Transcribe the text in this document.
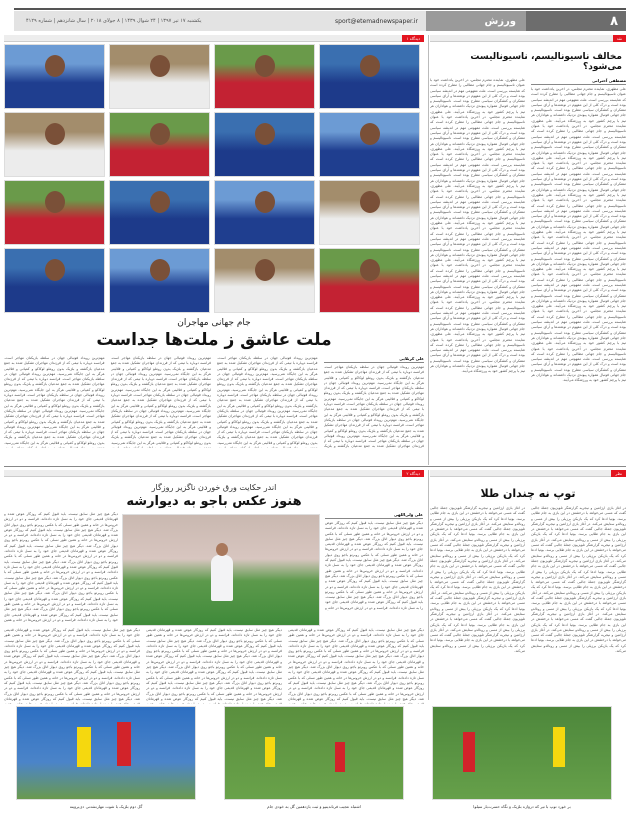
یکشنبه ۱۷ تیر ۱۳۹۷ | ۲۴ شوال ۱۴۳۹ | ۸ جولای ۲۰۱۸ | سال شانزدهم | شماره ۴۱۲۹	sport@etemadnewspaper.ir	ورزش	۸
نقد
مخالف ناسیونالیسم، ناسیونالیست می‌شود؟
مصطفی آخترانی
علی مطهری، نماینده محترم مجلس، در آخرین یادداشت خود با عنوان ناسیونالیسم و جام جهانی مطالبی را مطرح کرده است که شایسته بررسی است. ملت مفهومی مهم در اندیشه سیاسی بوده است و درک کلی از این مفهوم در نوشته‌ها و آرای سیاسی متفکران و کنشگران سیاسی مطرح بوده است. ناسیونالیسم و جام جهانی فوتبال همواره پیوندی نزدیک داشته‌اند و هواداران هر تیم با پرچم کشور خود به ورزشگاه می‌آیند. علی مطهری، نماینده محترم مجلس، در آخرین یادداشت خود با عنوان ناسیونالیسم و جام جهانی مطالبی را مطرح کرده است که شایسته بررسی است. ملت مفهومی مهم در اندیشه سیاسی بوده است و درک کلی از این مفهوم در نوشته‌ها و آرای سیاسی متفکران و کنشگران سیاسی مطرح بوده است. ناسیونالیسم و جام جهانی فوتبال همواره پیوندی نزدیک داشته‌اند و هواداران هر تیم با پرچم کشور خود به ورزشگاه می‌آیند. علی مطهری، نماینده محترم مجلس، در آخرین یادداشت خود با عنوان ناسیونالیسم و جام جهانی مطالبی را مطرح کرده است که شایسته بررسی است. ملت مفهومی مهم در اندیشه سیاسی بوده است و درک کلی از این مفهوم در نوشته‌ها و آرای سیاسی متفکران و کنشگران سیاسی مطرح بوده است. ناسیونالیسم و جام جهانی فوتبال همواره پیوندی نزدیک داشته‌اند و هواداران هر تیم با پرچم کشور خود به ورزشگاه می‌آیند. علی مطهری، نماینده محترم مجلس، در آخرین یادداشت خود با عنوان ناسیونالیسم و جام جهانی مطالبی را مطرح کرده است که شایسته بررسی است. ملت مفهومی مهم در اندیشه سیاسی بوده است و درک کلی از این مفهوم در نوشته‌ها و آرای سیاسی متفکران و کنشگران سیاسی مطرح بوده است. ناسیونالیسم و جام جهانی فوتبال همواره پیوندی نزدیک داشته‌اند و هواداران هر تیم با پرچم کشور خود به ورزشگاه می‌آیند. علی مطهری، نماینده محترم مجلس، در آخرین یادداشت خود با عنوان ناسیونالیسم و جام جهانی مطالبی را مطرح کرده است که شایسته بررسی است. ملت مفهومی مهم در اندیشه سیاسی بوده است و درک کلی از این مفهوم در نوشته‌ها و آرای سیاسی متفکران و کنشگران سیاسی مطرح بوده است. ناسیونالیسم و جام جهانی فوتبال همواره پیوندی نزدیک داشته‌اند و هواداران هر تیم با پرچم کشور خود به ورزشگاه می‌آیند. علی مطهری، نماینده محترم مجلس، در آخرین یادداشت خود با عنوان ناسیونالیسم و جام جهانی مطالبی را مطرح کرده است که شایسته بررسی است. ملت مفهومی مهم در اندیشه سیاسی بوده است و درک کلی از این مفهوم در نوشته‌ها و آرای سیاسی متفکران و کنشگران سیاسی مطرح بوده است. ناسیونالیسم و جام جهانی فوتبال همواره پیوندی نزدیک داشته‌اند و هواداران هر تیم با پرچم کشور خود به ورزشگاه می‌آیند. علی مطهری، نماینده محترم مجلس، در آخرین یادداشت خود با عنوان ناسیونالیسم و جام جهانی مطالبی را مطرح کرده است که شایسته بررسی است. ملت مفهومی مهم در اندیشه سیاسی بوده است و درک کلی از این مفهوم در نوشته‌ها و آرای سیاسی متفکران و کنشگران سیاسی مطرح بوده است. ناسیونالیسم و جام جهانی فوتبال همواره پیوندی نزدیک داشته‌اند و هواداران هر تیم با پرچم کشور خود به ورزشگاه می‌آیند. علی مطهری، نماینده محترم مجلس، در آخرین یادداشت خود با عنوان ناسیونالیسم و جام جهانی مطالبی را مطرح کرده است که شایسته بررسی است. ملت مفهومی مهم در اندیشه سیاسی بوده است و درک کلی از این مفهوم در نوشته‌ها و آرای سیاسی متفکران و کنشگران سیاسی مطرح بوده است. ناسیونالیسم و جام جهانی فوتبال همواره پیوندی نزدیک داشته‌اند و هواداران هر تیم با پرچم کشور خود به ورزشگاه می‌آیند.
علی مطهری، نماینده محترم مجلس، در آخرین یادداشت خود با عنوان ناسیونالیسم و جام جهانی مطالبی را مطرح کرده است که شایسته بررسی است. ملت مفهومی مهم در اندیشه سیاسی بوده است و درک کلی از این مفهوم در نوشته‌ها و آرای سیاسی متفکران و کنشگران سیاسی مطرح بوده است. ناسیونالیسم و جام جهانی فوتبال همواره پیوندی نزدیک داشته‌اند و هواداران هر تیم با پرچم کشور خود به ورزشگاه می‌آیند. علی مطهری، نماینده محترم مجلس، در آخرین یادداشت خود با عنوان ناسیونالیسم و جام جهانی مطالبی را مطرح کرده است که شایسته بررسی است. ملت مفهومی مهم در اندیشه سیاسی بوده است و درک کلی از این مفهوم در نوشته‌ها و آرای سیاسی متفکران و کنشگران سیاسی مطرح بوده است. ناسیونالیسم و جام جهانی فوتبال همواره پیوندی نزدیک داشته‌اند و هواداران هر تیم با پرچم کشور خود به ورزشگاه می‌آیند. علی مطهری، نماینده محترم مجلس، در آخرین یادداشت خود با عنوان ناسیونالیسم و جام جهانی مطالبی را مطرح کرده است که شایسته بررسی است. ملت مفهومی مهم در اندیشه سیاسی بوده است و درک کلی از این مفهوم در نوشته‌ها و آرای سیاسی متفکران و کنشگران سیاسی مطرح بوده است. ناسیونالیسم و جام جهانی فوتبال همواره پیوندی نزدیک داشته‌اند و هواداران هر تیم با پرچم کشور خود به ورزشگاه می‌آیند. علی مطهری، نماینده محترم مجلس، در آخرین یادداشت خود با عنوان ناسیونالیسم و جام جهانی مطالبی را مطرح کرده است که شایسته بررسی است. ملت مفهومی مهم در اندیشه سیاسی بوده است و درک کلی از این مفهوم در نوشته‌ها و آرای سیاسی متفکران و کنشگران سیاسی مطرح بوده است. ناسیونالیسم و جام جهانی فوتبال همواره پیوندی نزدیک داشته‌اند و هواداران هر تیم با پرچم کشور خود به ورزشگاه می‌آیند. علی مطهری، نماینده محترم مجلس، در آخرین یادداشت خود با عنوان ناسیونالیسم و جام جهانی مطالبی را مطرح کرده است که شایسته بررسی است. ملت مفهومی مهم در اندیشه سیاسی بوده است و درک کلی از این مفهوم در نوشته‌ها و آرای سیاسی متفکران و کنشگران سیاسی مطرح بوده است. ناسیونالیسم و جام جهانی فوتبال همواره پیوندی نزدیک داشته‌اند و هواداران هر تیم با پرچم کشور خود به ورزشگاه می‌آیند. علی مطهری، نماینده محترم مجلس، در آخرین یادداشت خود با عنوان ناسیونالیسم و جام جهانی مطالبی را مطرح کرده است که شایسته بررسی است. ملت مفهومی مهم در اندیشه سیاسی بوده است و درک کلی از این مفهوم در نوشته‌ها و آرای سیاسی متفکران و کنشگران سیاسی مطرح بوده است. ناسیونالیسم و جام جهانی فوتبال همواره پیوندی نزدیک داشته‌اند و هواداران هر تیم با پرچم کشور خود به ورزشگاه می‌آیند. علی مطهری، نماینده محترم مجلس، در آخرین یادداشت خود با عنوان ناسیونالیسم و جام جهانی مطالبی را مطرح کرده است که شایسته بررسی است. ملت مفهومی مهم در اندیشه سیاسی بوده است و درک کلی از این مفهوم در نوشته‌ها و آرای سیاسی متفکران و کنشگران سیاسی مطرح بوده است. ناسیونالیسم و جام جهانی فوتبال همواره پیوندی نزدیک داشته‌اند و هواداران هر تیم با پرچم کشور خود به ورزشگاه می‌آیند. علی مطهری، نماینده محترم مجلس، در آخرین یادداشت خود با عنوان ناسیونالیسم و جام جهانی مطالبی را مطرح کرده است که شایسته بررسی است. ملت مفهومی مهم در اندیشه سیاسی بوده است و درک کلی از این مفهوم در نوشته‌ها و آرای سیاسی متفکران و کنشگران سیاسی مطرح بوده است. ناسیونالیسم و جام جهانی فوتبال همواره پیوندی نزدیک داشته‌اند و هواداران هر تیم با پرچم کشور خود به ورزشگاه می‌آیند.
دیدگاه ۱
جام جهانی مهاجران
ملت عاشق ز ملت‌ها جداست
علی کربلایی
مهم‌ترین رویداد فوتبالی جهان در سلطه بازیکنان مهاجر است. فرانسه دوباره با تیمی که از فرزندان مهاجران تشکیل شده به جمع مدعیان بازگشته و بلژیک بدون روملو لوکاکو و کمپانی و فلائینی هرگز به این جایگاه نمی‌رسید. مهم‌ترین رویداد فوتبالی جهان در سلطه بازیکنان مهاجر است. فرانسه دوباره با تیمی که از فرزندان مهاجران تشکیل شده به جمع مدعیان بازگشته و بلژیک بدون روملو لوکاکو و کمپانی و فلائینی هرگز به این جایگاه نمی‌رسید. مهم‌ترین رویداد فوتبالی جهان در سلطه بازیکنان مهاجر است. فرانسه دوباره با تیمی که از فرزندان مهاجران تشکیل شده به جمع مدعیان بازگشته و بلژیک بدون روملو لوکاکو و کمپانی و فلائینی هرگز به این جایگاه نمی‌رسید. مهم‌ترین رویداد فوتبالی جهان در سلطه بازیکنان مهاجر است. فرانسه دوباره با تیمی که از فرزندان مهاجران تشکیل شده به جمع مدعیان بازگشته و بلژیک بدون روملو لوکاکو و کمپانی و فلائینی هرگز به این جایگاه نمی‌رسید. مهم‌ترین رویداد فوتبالی جهان در سلطه بازیکنان مهاجر است. فرانسه دوباره با تیمی که از فرزندان مهاجران تشکیل شده به جمع مدعیان بازگشته و بلژیک
مهم‌ترین رویداد فوتبالی جهان در سلطه بازیکنان مهاجر است. فرانسه دوباره با تیمی که از فرزندان مهاجران تشکیل شده به جمع مدعیان بازگشته و بلژیک بدون روملو لوکاکو و کمپانی و فلائینی هرگز به این جایگاه نمی‌رسید. مهم‌ترین رویداد فوتبالی جهان در سلطه بازیکنان مهاجر است. فرانسه دوباره با تیمی که از فرزندان مهاجران تشکیل شده به جمع مدعیان بازگشته و بلژیک بدون روملو لوکاکو و کمپانی و فلائینی هرگز به این جایگاه نمی‌رسید. مهم‌ترین رویداد فوتبالی جهان در سلطه بازیکنان مهاجر است. فرانسه دوباره با تیمی که از فرزندان مهاجران تشکیل شده به جمع مدعیان بازگشته و بلژیک بدون روملو لوکاکو و کمپانی و فلائینی هرگز به این جایگاه نمی‌رسید. مهم‌ترین رویداد فوتبالی جهان در سلطه بازیکنان مهاجر است. فرانسه دوباره با تیمی که از فرزندان مهاجران تشکیل شده به جمع مدعیان بازگشته و بلژیک بدون روملو لوکاکو و کمپانی و فلائینی هرگز به این جایگاه نمی‌رسید. مهم‌ترین رویداد فوتبالی جهان در سلطه بازیکنان مهاجر است. فرانسه دوباره با تیمی که از فرزندان مهاجران تشکیل شده به جمع مدعیان بازگشته و بلژیک بدون روملو لوکاکو و کمپانی و فلائینی هرگز به این جایگاه نمی‌رسید.
مهم‌ترین رویداد فوتبالی جهان در سلطه بازیکنان مهاجر است. فرانسه دوباره با تیمی که از فرزندان مهاجران تشکیل شده به جمع مدعیان بازگشته و بلژیک بدون روملو لوکاکو و کمپانی و فلائینی هرگز به این جایگاه نمی‌رسید. مهم‌ترین رویداد فوتبالی جهان در سلطه بازیکنان مهاجر است. فرانسه دوباره با تیمی که از فرزندان مهاجران تشکیل شده به جمع مدعیان بازگشته و بلژیک بدون روملو لوکاکو و کمپانی و فلائینی هرگز به این جایگاه نمی‌رسید. مهم‌ترین رویداد فوتبالی جهان در سلطه بازیکنان مهاجر است. فرانسه دوباره با تیمی که از فرزندان مهاجران تشکیل شده به جمع مدعیان بازگشته و بلژیک بدون روملو لوکاکو و کمپانی و فلائینی هرگز به این جایگاه نمی‌رسید. مهم‌ترین رویداد فوتبالی جهان در سلطه بازیکنان مهاجر است. فرانسه دوباره با تیمی که از فرزندان مهاجران تشکیل شده به جمع مدعیان بازگشته و بلژیک بدون روملو لوکاکو و کمپانی و فلائینی هرگز به این جایگاه نمی‌رسید. مهم‌ترین رویداد فوتبالی جهان در سلطه بازیکنان مهاجر است. فرانسه دوباره با تیمی که از فرزندان مهاجران تشکیل شده به جمع مدعیان بازگشته و بلژیک بدون روملو لوکاکو و کمپانی و فلائینی هرگز به این جایگاه نمی‌رسید.
مهم‌ترین رویداد فوتبالی جهان در سلطه بازیکنان مهاجر است. فرانسه دوباره با تیمی که از فرزندان مهاجران تشکیل شده به جمع مدعیان بازگشته و بلژیک بدون روملو لوکاکو و کمپانی و فلائینی هرگز به این جایگاه نمی‌رسید. مهم‌ترین رویداد فوتبالی جهان در سلطه بازیکنان مهاجر است. فرانسه دوباره با تیمی که از فرزندان مهاجران تشکیل شده به جمع مدعیان بازگشته و بلژیک بدون روملو لوکاکو و کمپانی و فلائینی هرگز به این جایگاه نمی‌رسید. مهم‌ترین رویداد فوتبالی جهان در سلطه بازیکنان مهاجر است. فرانسه دوباره با تیمی که از فرزندان مهاجران تشکیل شده به جمع مدعیان بازگشته و بلژیک بدون روملو لوکاکو و کمپانی و فلائینی هرگز به این جایگاه نمی‌رسید. مهم‌ترین رویداد فوتبالی جهان در سلطه بازیکنان مهاجر است. فرانسه دوباره با تیمی که از فرزندان مهاجران تشکیل شده به جمع مدعیان بازگشته و بلژیک بدون روملو لوکاکو و کمپانی و فلائینی هرگز به این جایگاه نمی‌رسید. مهم‌ترین رویداد فوتبالی جهان در سلطه بازیکنان مهاجر است. فرانسه دوباره با تیمی که از فرزندان مهاجران تشکیل شده به جمع مدعیان بازگشته و بلژیک بدون روملو لوکاکو و کمپانی و فلائینی هرگز به این جایگاه نمی‌رسید.
نظر
توپ نه چندان طلا
در آغاز بازی آرژانتین و نیجریه گزارشگر تلویزیون جملهٔ جالبی گفت که مسی می‌خواهد با درخشش در این بازی به جام طلایی برسد. بوتیا ادعا کرد که یک بازیکن برزیلی را بیش از مسی و رونالدو ستایش می‌کند. در آغاز بازی آرژانتین و نیجریه گزارشگر تلویزیون جملهٔ جالبی گفت که مسی می‌خواهد با درخشش در این بازی به جام طلایی برسد. بوتیا ادعا کرد که یک بازیکن برزیلی را بیش از مسی و رونالدو ستایش می‌کند. در آغاز بازی آرژانتین و نیجریه گزارشگر تلویزیون جملهٔ جالبی گفت که مسی می‌خواهد با درخشش در این بازی به جام طلایی برسد. بوتیا ادعا کرد که یک بازیکن برزیلی را بیش از مسی و رونالدو ستایش می‌کند. در آغاز بازی آرژانتین و نیجریه گزارشگر تلویزیون جملهٔ جالبی گفت که مسی می‌خواهد با درخشش در این بازی به جام طلایی برسد. بوتیا ادعا کرد که یک بازیکن برزیلی را بیش از مسی و رونالدو ستایش می‌کند. در آغاز بازی آرژانتین و نیجریه گزارشگر تلویزیون جملهٔ جالبی گفت که مسی می‌خواهد با درخشش در این بازی به جام طلایی برسد. بوتیا ادعا کرد که یک بازیکن برزیلی را بیش از مسی و رونالدو ستایش می‌کند. در آغاز بازی آرژانتین و نیجریه گزارشگر تلویزیون جملهٔ جالبی گفت که مسی می‌خواهد با درخشش در این بازی به جام طلایی برسد. بوتیا ادعا کرد که یک بازیکن برزیلی را بیش از مسی و رونالدو ستایش می‌کند. در آغاز بازی آرژانتین و نیجریه گزارشگر تلویزیون جملهٔ جالبی گفت که مسی می‌خواهد با درخشش در این بازی به جام طلایی برسد. بوتیا ادعا کرد که یک بازیکن برزیلی را بیش از مسی و رونالدو ستایش می‌کند. در آغاز بازی آرژانتین و نیجریه گزارشگر تلویزیون جملهٔ جالبی گفت که مسی می‌خواهد با درخشش در این بازی به جام طلایی برسد. بوتیا ادعا کرد که یک بازیکن برزیلی را بیش از مسی و رونالدو ستایش می‌کند.
در آغاز بازی آرژانتین و نیجریه گزارشگر تلویزیون جملهٔ جالبی گفت که مسی می‌خواهد با درخشش در این بازی به جام طلایی برسد. بوتیا ادعا کرد که یک بازیکن برزیلی را بیش از مسی و رونالدو ستایش می‌کند. در آغاز بازی آرژانتین و نیجریه گزارشگر تلویزیون جملهٔ جالبی گفت که مسی می‌خواهد با درخشش در این بازی به جام طلایی برسد. بوتیا ادعا کرد که یک بازیکن برزیلی را بیش از مسی و رونالدو ستایش می‌کند. در آغاز بازی آرژانتین و نیجریه گزارشگر تلویزیون جملهٔ جالبی گفت که مسی می‌خواهد با درخشش در این بازی به جام طلایی برسد. بوتیا ادعا کرد که یک بازیکن برزیلی را بیش از مسی و رونالدو ستایش می‌کند. در آغاز بازی آرژانتین و نیجریه گزارشگر تلویزیون جملهٔ جالبی گفت که مسی می‌خواهد با درخشش در این بازی به جام طلایی برسد. بوتیا ادعا کرد که یک بازیکن برزیلی را بیش از مسی و رونالدو ستایش می‌کند. در آغاز بازی آرژانتین و نیجریه گزارشگر تلویزیون جملهٔ جالبی گفت که مسی می‌خواهد با درخشش در این بازی به جام طلایی برسد. بوتیا ادعا کرد که یک بازیکن برزیلی را بیش از مسی و رونالدو ستایش می‌کند. در آغاز بازی آرژانتین و نیجریه گزارشگر تلویزیون جملهٔ جالبی گفت که مسی می‌خواهد با درخشش در این بازی به جام طلایی برسد. بوتیا ادعا کرد که یک بازیکن برزیلی را بیش از مسی و رونالدو ستایش می‌کند. در آغاز بازی آرژانتین و نیجریه گزارشگر تلویزیون جملهٔ جالبی گفت که مسی می‌خواهد با درخشش در این بازی به جام طلایی برسد. بوتیا ادعا کرد که یک بازیکن برزیلی را بیش از مسی و رونالدو ستایش می‌کند. در آغاز بازی آرژانتین و نیجریه گزارشگر تلویزیون جملهٔ جالبی گفت که مسی می‌خواهد با درخشش در این بازی به جام طلایی برسد. بوتیا ادعا کرد که یک بازیکن برزیلی را بیش از مسی و رونالدو ستایش می‌کند.
دیدگاه ۲
اندر حکایت ورق خوردن ناگزیر روزگار
هنوز عکس باجو به دیوارشه
علی ولی‌اللهی
دیگر هیچ چیز مثل سابق نیست. باید قبول کنیم که روزگار عوض شده و قهرمانان قدیمی جای خود را به نسل تازه داده‌اند. فرانسه و دو در ارزش خروس‌ها در خانه و همین طور نسلی که با عکس روبرتو باجو روی دیوار اتاق بزرگ شد. دیگر هیچ چیز مثل سابق نیست. باید قبول کنیم که روزگار عوض شده و قهرمانان قدیمی جای خود را به نسل تازه داده‌اند. فرانسه و دو در ارزش خروس‌ها در خانه و همین طور نسلی که با عکس روبرتو باجو روی دیوار اتاق بزرگ شد. دیگر هیچ چیز مثل سابق نیست. باید قبول کنیم که روزگار عوض شده و قهرمانان قدیمی جای خود را به نسل تازه داده‌اند. فرانسه و دو در ارزش خروس‌ها در خانه و همین طور نسلی که با عکس روبرتو باجو روی دیوار اتاق بزرگ شد. دیگر هیچ چیز مثل سابق نیست. باید قبول کنیم که روزگار عوض شده و قهرمانان قدیمی جای خود را به نسل تازه داده‌اند. فرانسه و دو در ارزش خروس‌ها در خانه و همین طور نسلی که با عکس روبرتو باجو روی دیوار اتاق بزرگ شد. دیگر هیچ چیز مثل سابق نیست. باید قبول کنیم که روزگار عوض شده و قهرمانان قدیمی جای خود را به نسل تازه داده‌اند. فرانسه و دو در ارزش خروس‌ها در خانه و
دیگر هیچ چیز مثل سابق نیست. باید قبول کنیم که روزگار عوض شده و قهرمانان قدیمی جای خود را به نسل تازه داده‌اند. فرانسه و دو در ارزش خروس‌ها در خانه و همین طور نسلی که با عکس روبرتو باجو روی دیوار اتاق بزرگ شد. دیگر هیچ چیز مثل سابق نیست. باید قبول کنیم که روزگار عوض شده و قهرمانان قدیمی جای خود را به نسل تازه داده‌اند. فرانسه و دو در ارزش خروس‌ها در خانه و همین طور نسلی که با عکس روبرتو باجو روی دیوار اتاق بزرگ شد. دیگر هیچ چیز مثل سابق نیست. باید قبول کنیم که روزگار عوض شده و قهرمانان قدیمی جای خود را به نسل تازه داده‌اند. فرانسه و دو در ارزش خروس‌ها در خانه و همین طور نسلی که با عکس روبرتو باجو روی دیوار اتاق بزرگ شد. دیگر هیچ چیز مثل سابق نیست. باید قبول کنیم که روزگار عوض شده و قهرمانان قدیمی جای خود را به نسل تازه داده‌اند. فرانسه و دو در ارزش خروس‌ها در خانه و همین طور نسلی که با عکس روبرتو باجو روی دیوار اتاق بزرگ شد. دیگر هیچ چیز مثل سابق نیست. باید قبول کنیم که روزگار عوض شده و قهرمانان قدیمی جای خود را به نسل تازه داده‌اند. فرانسه و دو در ارزش خروس‌ها در خانه و همین طور نسلی که با عکس روبرتو باجو روی دیوار اتاق بزرگ شد. دیگر هیچ چیز مثل سابق نیست. باید قبول کنیم که روزگار عوض شده و قهرمانان قدیمی جای خود را به نسل تازه داده‌اند. فرانسه و دو در ارزش خروس‌ها در خانه و همین طور نسلی که با عکس روبرتو باجو روی دیوار اتاق بزرگ شد. دیگر هیچ چیز مثل سابق نیست. باید قبول کنیم که روزگار عوض شده و قهرمانان قدیمی جای خود را به نسل تازه داده‌اند. فرانسه و دو در ارزش خروس‌ها در خانه و همین
دیگر هیچ چیز مثل سابق نیست. باید قبول کنیم که روزگار عوض شده و قهرمانان قدیمی جای خود را به نسل تازه داده‌اند. فرانسه و دو در ارزش خروس‌ها در خانه و همین طور نسلی که با عکس روبرتو باجو روی دیوار اتاق بزرگ شد. دیگر هیچ چیز مثل سابق نیست. باید قبول کنیم که روزگار عوض شده و قهرمانان قدیمی جای خود را به نسل تازه داده‌اند. فرانسه و دو در ارزش خروس‌ها در خانه و همین طور نسلی که با عکس روبرتو باجو روی دیوار اتاق بزرگ شد. دیگر هیچ چیز مثل سابق نیست. باید قبول کنیم که روزگار عوض شده و قهرمانان قدیمی جای خود را به نسل تازه داده‌اند. فرانسه و دو در ارزش خروس‌ها در خانه و همین طور نسلی که با عکس روبرتو باجو روی دیوار اتاق بزرگ شد. دیگر هیچ چیز مثل سابق نیست. باید قبول کنیم که روزگار عوض شده و قهرمانان قدیمی جای خود را به نسل تازه داده‌اند. فرانسه و دو در ارزش خروس‌ها در خانه و همین طور نسلی که با عکس روبرتو باجو روی دیوار اتاق بزرگ شد. دیگر هیچ چیز مثل سابق نیست. باید قبول کنیم که روزگار عوض شده و قهرمانان قدیمی جای خود را به نسل تازه داده‌اند. فرانسه و دو در ارزش خروس‌ها در خانه و همین طور نسلی که با عکس روبرتو باجو روی دیوار اتاق بزرگ شد. دیگر هیچ چیز مثل سابق نیست. باید قبول کنیم که روزگار عوض شده و قهرمانان
دیگر هیچ چیز مثل سابق نیست. باید قبول کنیم که روزگار عوض شده و قهرمانان قدیمی جای خود را به نسل تازه داده‌اند. فرانسه و دو در ارزش خروس‌ها در خانه و همین طور نسلی که با عکس روبرتو باجو روی دیوار اتاق بزرگ شد. دیگر هیچ چیز مثل سابق نیست. باید قبول کنیم که روزگار عوض شده و قهرمانان قدیمی جای خود را به نسل تازه داده‌اند. فرانسه و دو در ارزش خروس‌ها در خانه و همین طور نسلی که با عکس روبرتو باجو روی دیوار اتاق بزرگ شد. دیگر هیچ چیز مثل سابق نیست. باید قبول کنیم که روزگار عوض شده و قهرمانان قدیمی جای خود را به نسل تازه داده‌اند. فرانسه و دو در ارزش خروس‌ها در خانه و همین طور نسلی که با عکس روبرتو باجو روی دیوار اتاق بزرگ شد. دیگر هیچ چیز مثل سابق نیست. باید قبول کنیم که روزگار عوض شده و قهرمانان قدیمی جای خود را به نسل تازه داده‌اند. فرانسه و دو در ارزش خروس‌ها در خانه و همین طور نسلی که با عکس روبرتو باجو روی دیوار اتاق بزرگ شد. دیگر هیچ چیز مثل سابق نیست. باید قبول کنیم که روزگار عوض شده و قهرمانان قدیمی جای خود را به نسل تازه داده‌اند. فرانسه و دو در ارزش خروس‌ها در خانه و همین طور نسلی که با عکس روبرتو باجو روی دیوار اتاق بزرگ شد. دیگر هیچ چیز مثل سابق نیست. باید قبول کنیم که روزگار عوض شده و قهرمانان
دیگر هیچ چیز مثل سابق نیست. باید قبول کنیم که روزگار عوض شده و قهرمانان قدیمی جای خود را به نسل تازه داده‌اند. فرانسه و دو در ارزش خروس‌ها در خانه و همین طور نسلی که با عکس روبرتو باجو روی دیوار اتاق بزرگ شد. دیگر هیچ چیز مثل سابق نیست. باید قبول کنیم که روزگار عوض شده و قهرمانان قدیمی جای خود را به نسل تازه داده‌اند. فرانسه و دو در ارزش خروس‌ها در خانه و همین طور نسلی که با عکس روبرتو باجو روی دیوار اتاق بزرگ شد. دیگر هیچ چیز مثل سابق نیست. باید قبول کنیم که روزگار عوض شده و قهرمانان قدیمی جای خود را به نسل تازه داده‌اند. فرانسه و دو در ارزش خروس‌ها در خانه و همین طور نسلی که با عکس روبرتو باجو روی دیوار اتاق بزرگ شد. دیگر هیچ چیز مثل سابق نیست. باید قبول کنیم که روزگار عوض شده و قهرمانان قدیمی جای خود را به نسل تازه داده‌اند. فرانسه و دو در ارزش خروس‌ها در خانه و همین طور نسلی که با عکس روبرتو باجو روی دیوار اتاق بزرگ شد. دیگر هیچ چیز مثل سابق نیست. باید قبول کنیم که روزگار عوض شده و قهرمانان قدیمی جای خود را به نسل تازه داده‌اند. فرانسه و دو در ارزش خروس‌ها در خانه و همین طور نسلی که با عکس روبرتو باجو روی دیوار اتاق بزرگ شد. دیگر هیچ چیز مثل سابق نیست. باید قبول کنیم که روزگار عوض شده و قهرمانان
گل دوم بلژیک با شوت مهارنشدنی دی‌بروینه	اشتباه عجیب فرناندینیو و ثبت بازدهمین گل به خودی جام	بر خورد توپ با تیر که دروازه بلژیک و نگاه حسرت‌بار سیلوا
